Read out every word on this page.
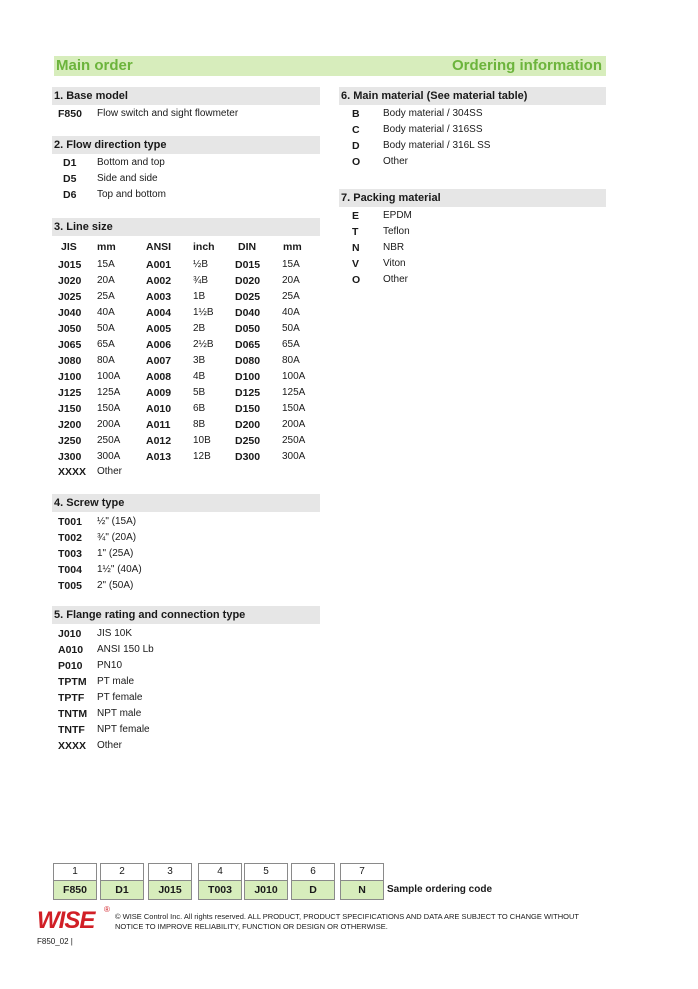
Main order	Ordering information
1. Base model
F850 Flow switch and sight flowmeter
2. Flow direction type
D1 Bottom and top
D5 Side and side
D6 Top and bottom
3. Line size
JIS mm	ANSI inch DIN	mm
J015 15A	A001 ½B	D015 15A
J020 20A	A002 ¾B	D020 20A
J025 25A	A003 1B	D025 25A
J040 40A	A004 1½B D040 40A
J050 50A	A005 2B	D050 50A
J065 65A	A006 2½B D065 65A
J080 80A	A007 3B	D080 80A
J100 100A A008 4B	D100 100A
J125 125A A009 5B	D125 125A
J150 150A A010 6B	D150 150A
J200 200A A011 8B	D200 200A
J250 250A A012 10B D250 250A
J300 300A A013 12B D300 300A
XXXX Other
4. Screw type
T001 ½" (15A)
T002 ¾" (20A)
T003 1" (25A)
T004 1½" (40A)
T005 2" (50A)
5. Flange rating and connection type
J010 JIS 10K
A010 ANSI 150 Lb
P010 PN10
TPTM PT male
TPTF PT female
TNTM NPT male
TNTF NPT female
XXXX Other
6. Main material (See material table)
B Body material / 304SS
C Body material / 316SS
D Body material / 316L SS
O Other
7. Packing material
E EPDM
T Teflon
N NBR
V Viton
O Other
1
F850
2
D1
3
J015
4
T003
5
J010
6
D
7
N	Sample ordering code
WISE ®
© WISE Control Inc. All rights reserved. ALL PRODUCT, PRODUCT SPECIFICATIONS AND DATA ARE SUBJECT TO CHANGE WITHOUT NOTICE TO IMPROVE RELIABILITY, FUNCTION OR DESIGN OR OTHERWISE.
F850_02 |
